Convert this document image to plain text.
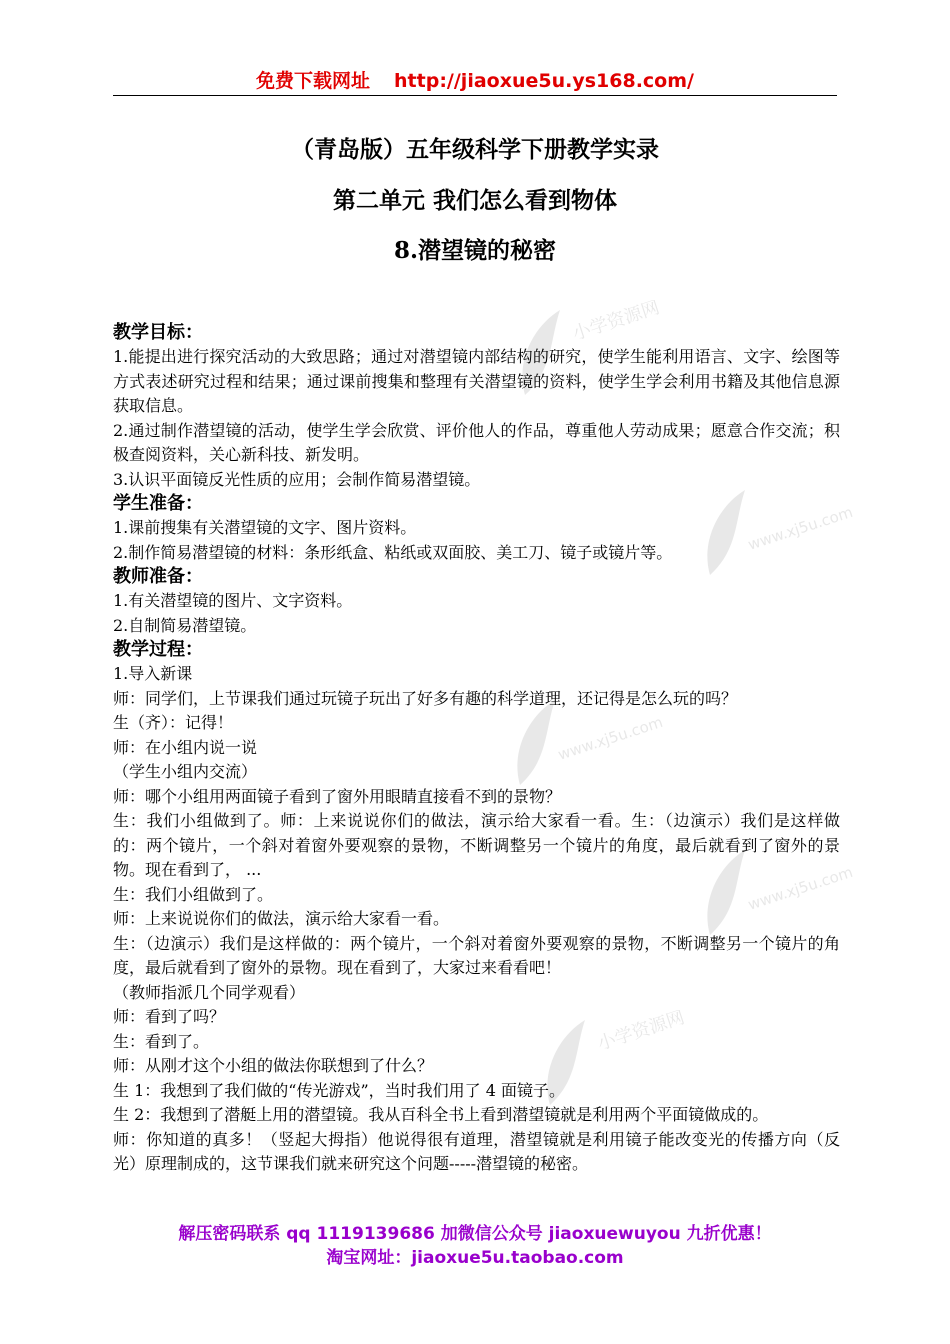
小学资源网
www.xj5u.com
www.xj5u.com
www.xj5u.com
小学资源网
免费下载网址 http://jiaoxue5u.ys168.com/
（青岛版）五年级科学下册教学实录
第二单元 我们怎么看到物体
8.潜望镜的秘密
教学目标：
1.能提出进行探究活动的大致思路；通过对潜望镜内部结构的研究，使学生能利用语言、文字、绘图等方式表述研究过程和结果；通过课前搜集和整理有关潜望镜的资料，使学生学会利用书籍及其他信息源获取信息。
2.通过制作潜望镜的活动，使学生学会欣赏、评价他人的作品，尊重他人劳动成果；愿意合作交流；积极查阅资料，关心新科技、新发明。
3.认识平面镜反光性质的应用；会制作简易潜望镜。
学生准备：
1.课前搜集有关潜望镜的文字、图片资料。
2.制作简易潜望镜的材料：条形纸盒、粘纸或双面胶、美工刀、镜子或镜片等。
教师准备：
1.有关潜望镜的图片、文字资料。
2.自制简易潜望镜。
教学过程：
1.导入新课
师：同学们，上节课我们通过玩镜子玩出了好多有趣的科学道理，还记得是怎么玩的吗？
生（齐）：记得！
师：在小组内说一说
（学生小组内交流）
师：哪个小组用两面镜子看到了窗外用眼睛直接看不到的景物？
生：我们小组做到了。师：上来说说你们的做法，演示给大家看一看。生：（边演示）我们是这样做的：两个镜片，一个斜对着窗外要观察的景物，不断调整另一个镜片的角度，最后就看到了窗外的景物。现在看到了， ...
生：我们小组做到了。
师：上来说说你们的做法，演示给大家看一看。
生：（边演示）我们是这样做的：两个镜片，一个斜对着窗外要观察的景物，不断调整另一个镜片的角度，最后就看到了窗外的景物。现在看到了，大家过来看看吧！
（教师指派几个同学观看）
师：看到了吗？
生：看到了。
师：从刚才这个小组的做法你联想到了什么？
生 1：我想到了我们做的“传光游戏”，当时我们用了 4 面镜子。
生 2：我想到了潜艇上用的潜望镜。我从百科全书上看到潜望镜就是利用两个平面镜做成的。
师：你知道的真多！（竖起大拇指）他说得很有道理，潜望镜就是利用镜子能改变光的传播方向（反光）原理制成的，这节课我们就来研究这个问题-----潜望镜的秘密。
解压密码联系 qq 1119139686 加微信公众号 jiaoxuewuyou 九折优惠！
淘宝网址：jiaoxue5u.taobao.com
